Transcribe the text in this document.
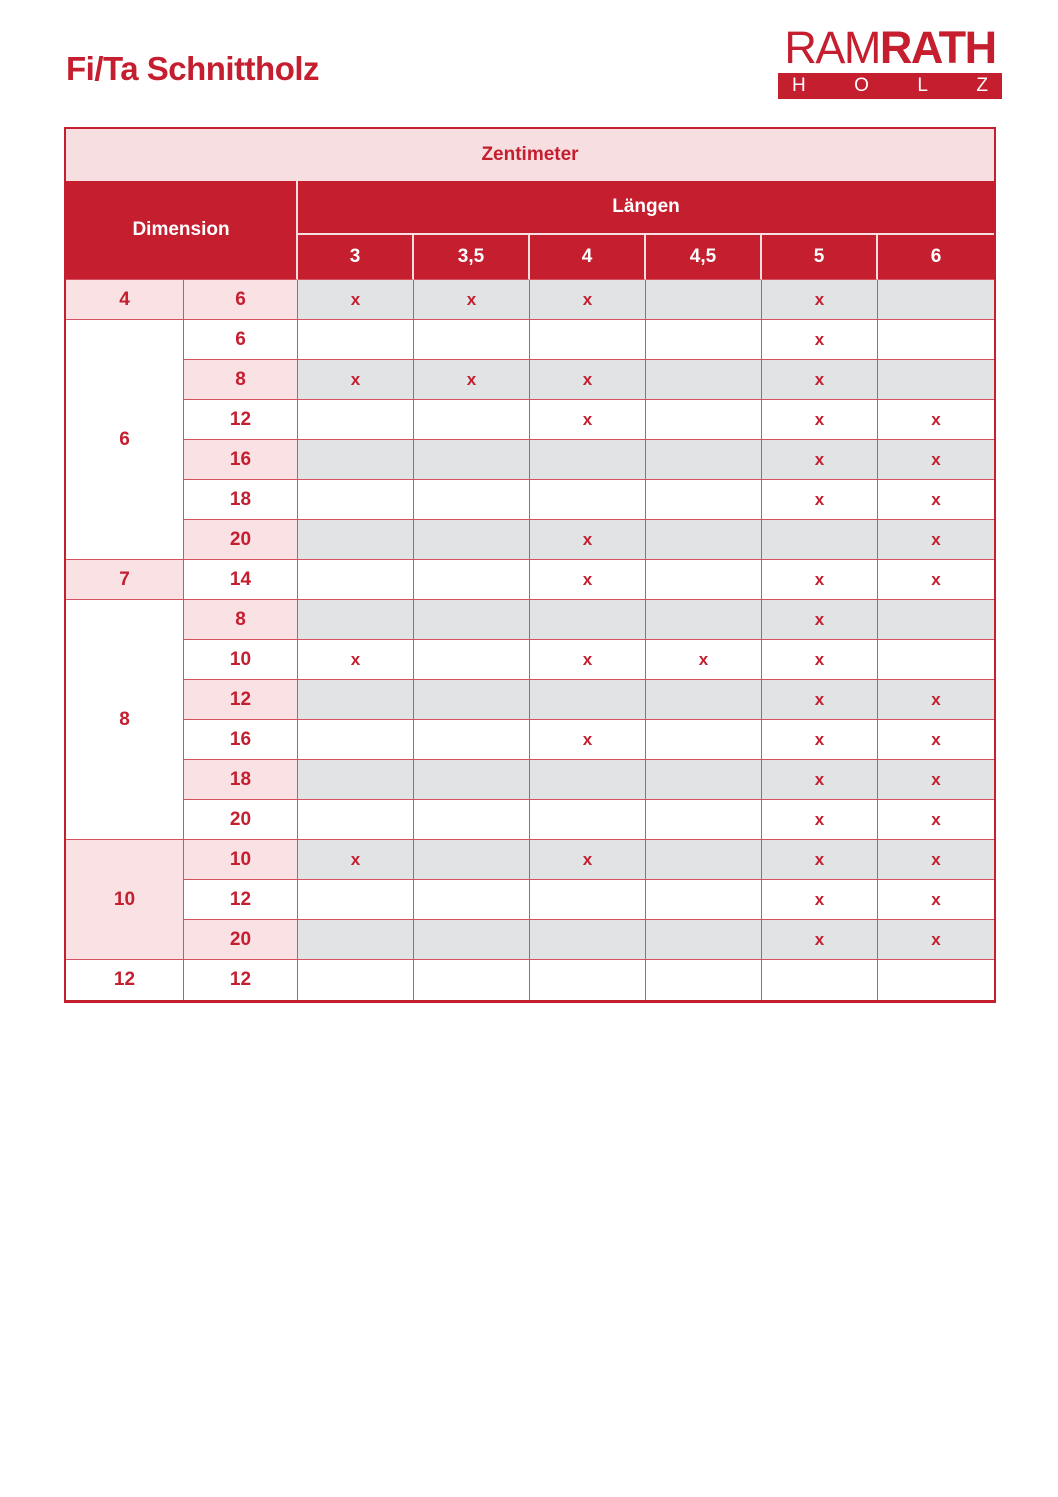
Fi/Ta Schnittholz	RAM RATH
H	O	L	Z
Zentimeter							
Dimension		Längen					
		3	3,5	4	4,5	5	6
4	6	x	x	x		x	
6	6					x	
	8	x	x	x		x	
	12			x		x	x
	16					x	x
	18					x	x
	20			x			x
7	14			x		x	x
8	8					x	
	10	x		x	x	x	
	12					x	x
	16			x		x	x
	18					x	x
	20					x	x
10	10	x		x		x	x
	12					x	x
	20					x	x
12	12						
